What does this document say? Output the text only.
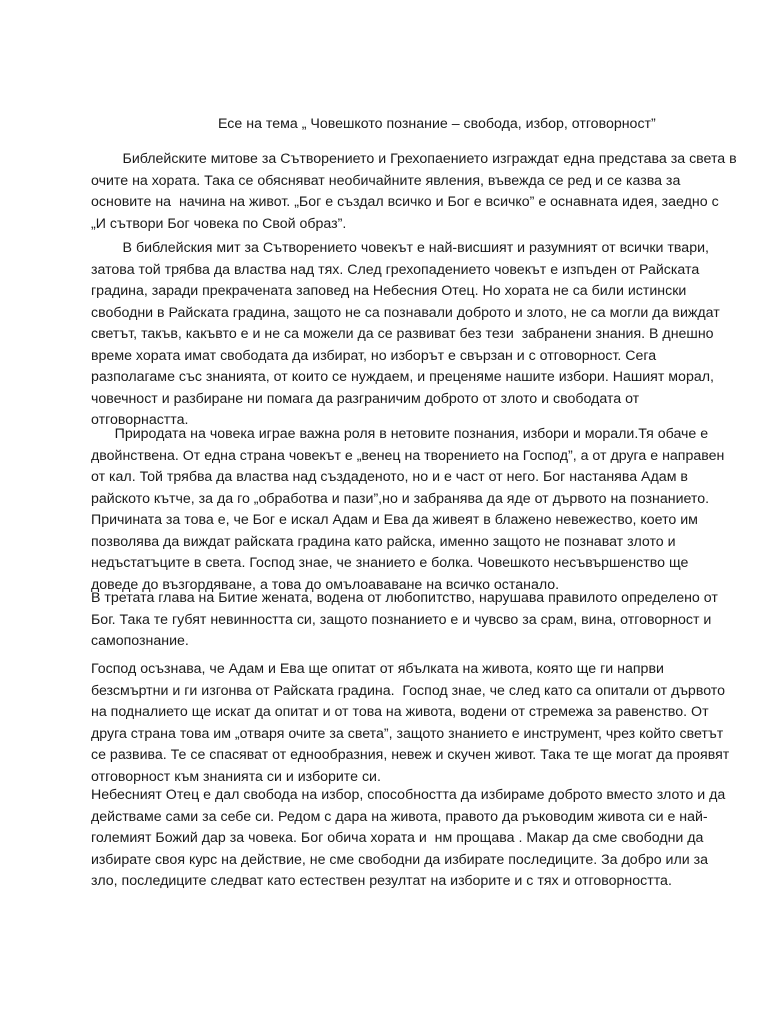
Есе на тема „ Човешкото познание – свобода, избор, отговорност”
Библейските митове за Сътворението и Грехопаението изграждат една представа за света в
очите на хората. Така се обясняват необичайните явления, въвежда се ред и се казва за
основите на  начина на живот. „Бог е създал всичко и Бог е всичко” е оснавната идея, заедно с
„И сътвори Бог човека по Свой образ”.
В библейския мит за Сътворението човекът е най-висшият и разумният от всички твари,
затова той трябва да властва над тях. След грехопадението човекът е изпъден от Райската
градина, заради прекрачената заповед на Небесния Отец. Но хората не са били истински
свободни в Райската градина, защото не са познавали доброто и злото, не са могли да виждат
светът, такъв, какъвто е и не са можели да се развиват без тези  забранени знания. В днешно
време хората имат свободата да избират, но изборът е свързан и с отговорност. Сега
разполагаме със знанията, от които се нуждаем, и преценяме нашите избори. Нашият морал,
човечност и разбиране ни помага да разграничим доброто от злото и свободата от
отговорнастта.
Природата на човека играе важна роля в нетовите познания, избори и морали.Тя обаче е
двойнствена. От една страна човекът е „венец на творението на Господ”, а от друга е направен
от кал. Той трябва да властва над създаденото, но и е част от него. Бог настанява Адам в
райското кътче, за да го „обработва и пази”,но и забранява да яде от дървото на познанието.
Причината за това е, че Бог е искал Адам и Ева да живеят в блажено невежество, което им
позволява да виждат райската градина като райска, именно защото не познават злото и
недъстатъците в света. Господ знае, че знанието е болка. Човешкото несъвършенство ще
доведе до възгордяване, а това до омълоававане на всичко останало.
В третата глава на Битие жената, водена от любопитство, нарушава правилото определено от
Бог. Така те губят невинността си, защото познанието е и чувсво за срам, вина, отговорност и
самопознание.
Господ осъзнава, че Адам и Ева ще опитат от ябълката на живота, която ще ги напрви
безсмъртни и ги изгонва от Райската градина.  Господ знае, че след като са опитали от дървото
на подналието ще искат да опитат и от това на живота, водени от стремежа за равенство. От
друга страна това им „отваря очите за света”, защото знанието е инструмент, чрез който светът
се развива. Те се спасяват от еднообразния, невеж и скучен живот. Така те ще могат да проявят
отговорност към знанията си и изборите си.
Небесният Отец е дал свобода на избор, способността да избираме доброто вместо злото и да
действаме сами за себе си. Редом с дара на живота, правото да ръководим живота си е най-
големият Божий дар за човека. Бог обича хората и  нм прощава . Макар да сме свободни да
избирате своя курс на действие, не сме свободни да избирате последиците. За добро или за
зло, последиците следват като естествен резултат на изборите и с тях и отговорността.
